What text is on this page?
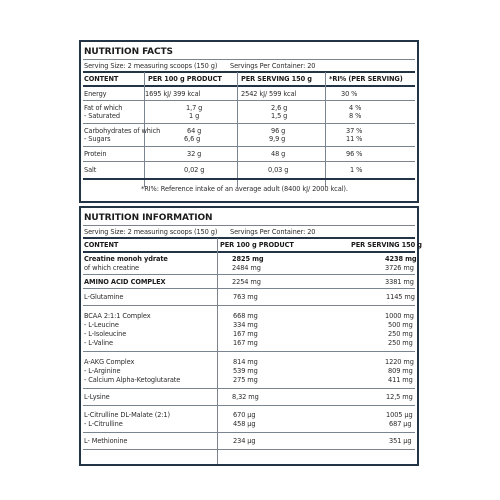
NUTRITION FACTS
Serving Size: 2 measuring scoops (150 g) Servings Per Container: 20
CONTENT	PER 100 g PRODUCT	PER SERVING 150 g	*RI% (PER SERVING)
Energy	1695 kJ/ 399 kcal	2542 kJ/ 599 kcal	30 %
Fat of which	1,7 g	2,6 g	4 %
- Saturated	1 g	1,5 g	8 %
Carbohydrates of which	64 g	96 g	37 %
- Sugars	6,6 g	9,9 g	11 %
Protein	32 g	48 g	96 %
Salt	0,02 g	0,03 g	1 %
*RI%: Reference intake of an average adult (8400 kJ/ 2000 kcal).
NUTRITION INFORMATION
Serving Size: 2 measuring scoops (150 g) Servings Per Container: 20
CONTENT	PER 100 g PRODUCT	PER SERVING 150 g
Creatine monoh ydrate	2825 mg	4238 mg
of which creatine	2484 mg	3726 mg
AMINO ACID COMPLEX	2254 mg	3381 mg
L-Glutamine	763 mg	1145 mg
BCAA 2:1:1 Complex	668 mg	1000 mg
- L-Leucine	334 mg	500 mg
- L-Isoleucine	167 mg	250 mg
- L-Valine	167 mg	250 mg
A-AKG Complex	814 mg	1220 mg
- L-Arginine	539 mg	809 mg
- Calcium Alpha-Ketoglutarate	275 mg	411 mg
L-Lysine	8,32 mg	12,5 mg
L-Citrulline DL-Malate (2:1)	670 µg	1005 µg
- L-Citrulline	458 µg	687 µg
L- Methionine	234 µg	351 µg
